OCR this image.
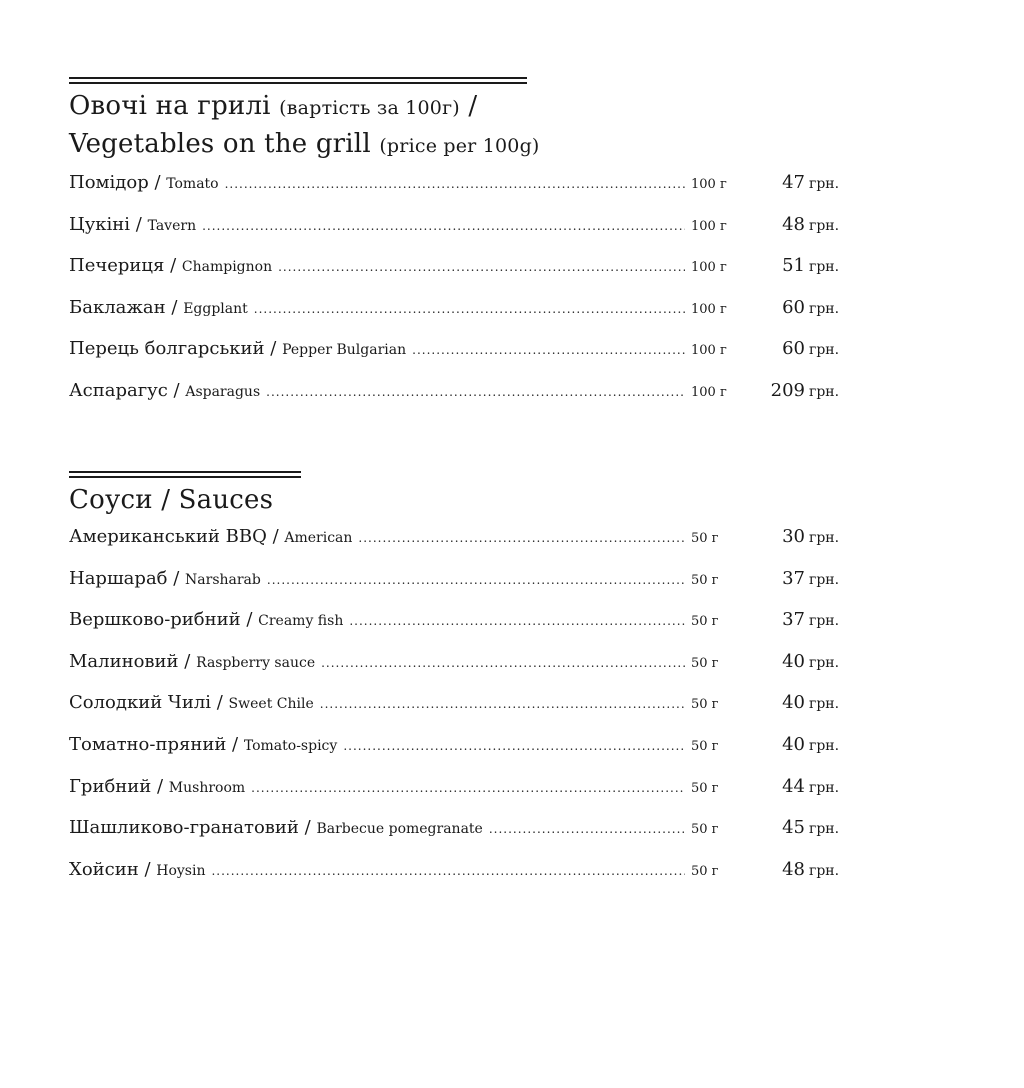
Овочі на грилі (вартість за 100г) /
Vegetables on the grill (price per 100g)
Помідор / Tomato .....	100 г	47 грн.
Цукіні / Tavern .....	100 г	48 грн.
Печериця / Champignon .....	100 г	51 грн.
Баклажан / Eggplant .....	100 г	60 грн.
Перець болгарський / Pepper Bulgarian .....	100 г	60 грн.
Аспарагус / Asparagus .....	100 г	209 грн.
Соуси / Sauces
Американський BBQ / American .....	50 г	30 грн.
Наршараб / Narsharab .....	50 г	37 грн.
Вершково-рибний / Creamy fish .....	50 г	37 грн.
Малиновий / Raspberry sauce .....	50 г	40 грн.
Солодкий Чилі / Sweet Chile .....	50 г	40 грн.
Томатно-пряний / Tomato-spicy .....	50 г	40 грн.
Грибний / Mushroom .....	50 г	44 грн.
Шашликово-гранатовий / Barbecue pomegranate .....	50 г	45 грн.
Хойсин / Hoysin .....	50 г	48 грн.
